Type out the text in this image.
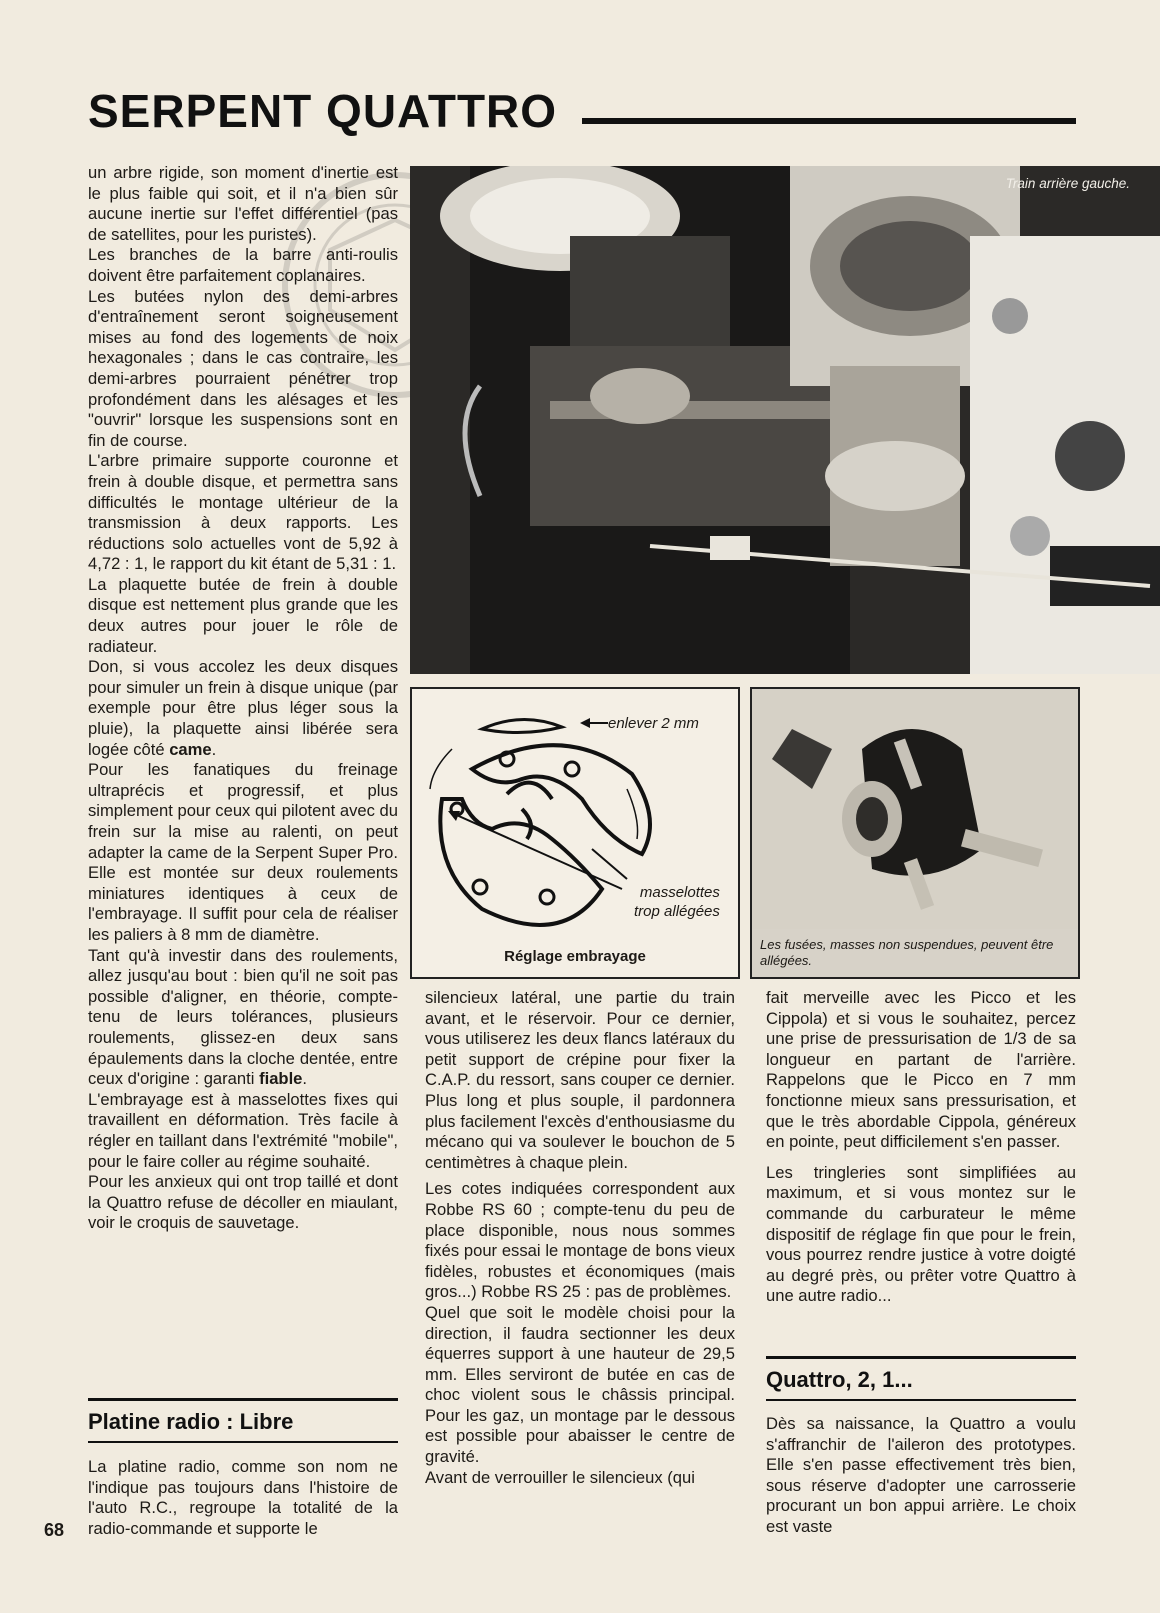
SERPENT QUATTRO

un arbre rigide, son moment d'inertie est le plus faible qui soit, et il n'a bien sûr aucune inertie sur l'effet différentiel (pas de satellites, pour les puristes).

Les branches de la barre anti-roulis doivent être parfaitement coplanaires.

Les butées nylon des demi-arbres d'entraînement seront soigneusement mises au fond des logements de noix hexagonales ; dans le cas contraire, les demi-arbres pourraient pénétrer trop profondément dans les alésages et les "ouvrir" lorsque les suspensions sont en fin de course.

L'arbre primaire supporte couronne et frein à double disque, et permettra sans difficultés le montage ultérieur de la transmission à deux rapports. Les réductions solo actuelles vont de 5,92 à 4,72 : 1, le rapport du kit étant de 5,31 : 1.

La plaquette butée de frein à double disque est nettement plus grande que les deux autres pour jouer le rôle de radiateur.

Don, si vous accolez les deux disques pour simuler un frein à disque unique (par exemple pour être plus léger sous la pluie), la plaquette ainsi libérée sera logée côté came.

Pour les fanatiques du freinage ultraprécis et progressif, et plus simplement pour ceux qui pilotent avec du frein sur la mise au ralenti, on peut adapter la came de la Serpent Super Pro. Elle est montée sur deux roulements miniatures identiques à ceux de l'embrayage. Il suffit pour cela de réaliser les paliers à 8 mm de diamètre.

Tant qu'à investir dans des roulements, allez jusqu'au bout : bien qu'il ne soit pas possible d'aligner, en théorie, compte-tenu de leurs tolérances, plusieurs roulements, glissez-en deux sans épaulements dans la cloche dentée, entre ceux d'origine : garanti fiable.

L'embrayage est à masselottes fixes qui travaillent en déformation. Très facile à régler en taillant dans l'extrémité "mobile", pour le faire coller au régime souhaité.

Pour les anxieux qui ont trop taillé et dont la Quattro refuse de décoller en miaulant, voir le croquis de sauvetage.

Platine radio : Libre

La platine radio, comme son nom ne l'indique pas toujours dans l'histoire de l'auto R.C., regroupe la totalité de la radio-commande et supporte le

68
Train arrière gauche.
enlever 2 mm
masselottes
trop allégées
Réglage embrayage
Les fusées, masses non suspendues, peuvent être allégées.

silencieux latéral, une partie du train avant, et le réservoir. Pour ce dernier, vous utiliserez les deux flancs latéraux du petit support de crépine pour fixer la C.A.P. du ressort, sans couper ce dernier. Plus long et plus souple, il pardonnera plus facilement l'excès d'enthousiasme du mécano qui va soulever le bouchon de 5 centimètres à chaque plein.

Les cotes indiquées correspondent aux Robbe RS 60 ; compte-tenu du peu de place disponible, nous nous sommes fixés pour essai le montage de bons vieux fidèles, robustes et économiques (mais gros...) Robbe RS 25 : pas de problèmes.

Quel que soit le modèle choisi pour la direction, il faudra sectionner les deux équerres support à une hauteur de 29,5 mm. Elles serviront de butée en cas de choc violent sous le châssis principal. Pour les gaz, un montage par le dessous est possible pour abaisser le centre de gravité.

Avant de verrouiller le silencieux (qui

fait merveille avec les Picco et les Cippola) et si vous le souhaitez, percez une prise de pressurisation de 1/3 de sa longueur en partant de l'arrière. Rappelons que le Picco en 7 mm fonctionne mieux sans pressurisation, et que le très abordable Cippola, généreux en pointe, peut difficilement s'en passer.

Les tringleries sont simplifiées au maximum, et si vous montez sur le commande du carburateur le même dispositif de réglage fin que pour le frein, vous pourrez rendre justice à votre doigté au degré près, ou prêter votre Quattro à une autre radio...

Quattro, 2, 1...

Dès sa naissance, la Quattro a voulu s'affranchir de l'aileron des prototypes. Elle s'en passe effectivement très bien, sous réserve d'adopter une carrosserie procurant un bon appui arrière. Le choix est vaste
